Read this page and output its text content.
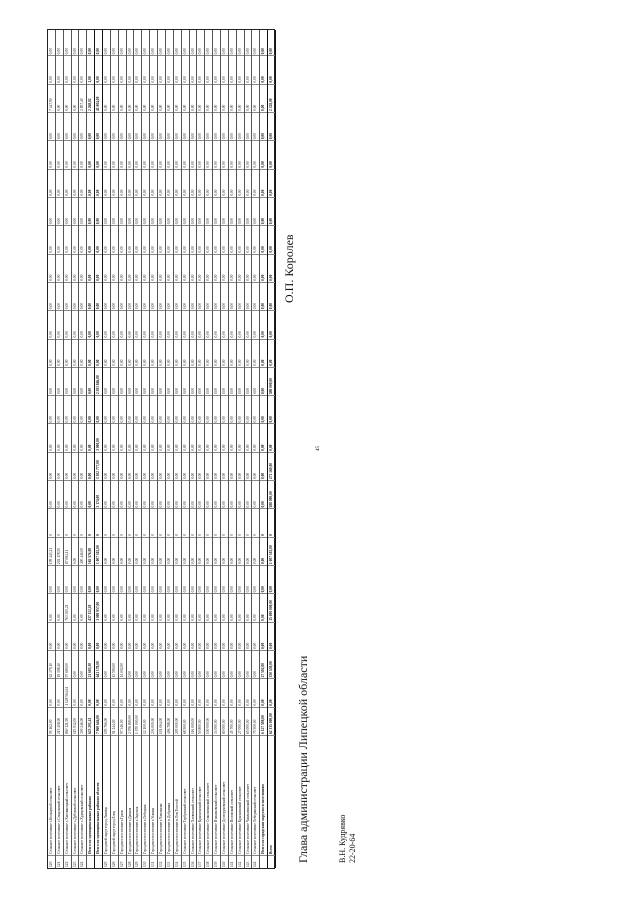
120
Сельское поселение с.Кольцевой сельсовет
95 162,00
0,00
62 379,10
0,00
0,00
0,00
199 443,21
0
0,00
0,00
0,00
0,00
0,00
0,00
0,00
0,00
0,00
0,00
0,00
0,00
0,00
0,00
7 447,90
0,00
0,00
121
Сельское поселение с.Сенцовский сельсовет
215 408,00
0,00
19 198,40
0,00
0,00
0,00
202 178,55
0
0,00
0,00
0,00
0,00
0,00
0,00
0,00
0,00
0,00
0,00
0,00
0,00
0,00
0,00
0,00
0,00
0,00
122
Сельское поселение с.Хмелинецкий сельсовет
860 121,95
1 128 564,61
97 680,00
0,00
763 365,21
0,00
87 084,11
0
0,00
0,00
0,00
0,00
0,00
0,00
0,00
0,00
0,00
0,00
0,00
0,00
0,00
0,00
0,00
0,00
0,00
123
Сельское поселение с.Дубовской сельсовет
115 932,00
0,00
0,00
0,00
0,00
0,00
0,00
0
0,00
0,00
0,00
0,00
0,00
0,00
0,00
0,00
0,00
0,00
0,00
0,00
0,00
0,00
0,00
0,00
0,00
124
Сельское поселение с.Хрущевский сельсовет
300 246,00
0,00
0,00
0,00
0,00
0,00
400 446,00
0
0,00
0,00
0,00
0,00
0,00
0,00
0,00
0,00
0,00
0,00
0,00
0,00
0,00
0,00
2 857,40
0,00
0,00
Итого по муниципальным районам
625 201,41
0,00
21 683,30
0,00
437 112,20
0,00
165 576,08
0
0,00
0,00
0,00
0,00
0,00
0,00
0,00
0,00
0,00
0,00
0,00
0,00
0,00
0,00
2 268,02
1,00
0,00
Итого по муниципальным районам области
7 969 646,00
0,00
641 178,00
0,00
1 000 957,00
0,00
1 007 102,00
0
3 174,00
3 102 777,00
3 000,00
0,00
2 291 846,00
0,00
0,00
0,00
0,00
0,00
0,00
0,00
0,00
0,00
41 004,00
0,00
0,00
125
Городской округ город Липецк
195 766,00
0,00
0,00
0,00
0,00
0,00
0,00
0
0,00
0,00
0,00
0,00
0,00
0,00
0,00
0,00
0,00
0,00
0,00
0,00
0,00
0,00
0,00
0,00
0,00
126
Городской округ город Елец
91 244,00
0,00
13 590,00
0,00
0,00
0,00
0,00
0
0,00
0,00
0,00
0,00
0,00
0,00
0,00
0,00
0,00
0,00
0,00
0,00
0,00
0,00
0,00
0,00
0,00
127
Городское поселение г.Грязи
97 346,00
0,00
14 002,00
0,00
0,00
0,00
0,00
0
0,00
0,00
0,00
0,00
0,00
0,00
0,00
0,00
0,00
0,00
0,00
0,00
0,00
0,00
0,00
0,00
0,00
128
Городское поселение г.Данков
2 976 800,00
0,00
0,00
0,00
0,00
0,00
0,00
0
0,00
0,00
0,00
0,00
0,00
0,00
0,00
0,00
0,00
0,00
0,00
0,00
0,00
0,00
0,00
0,00
0,00
129
Городское поселение г.Задонск
1 070 000,00
0,00
0,00
0,00
0,00
0,00
0,00
0
0,00
0,00
0,00
0,00
0,00
0,00
0,00
0,00
0,00
0,00
0,00
0,00
0,00
0,00
0,00
0,00
0,00
130
Городское поселение г.Лебедянь
12 100,00
0,00
0,00
0,00
0,00
0,00
0,00
0
0,00
0,00
0,00
0,00
0,00
0,00
0,00
0,00
0,00
0,00
0,00
0,00
0,00
0,00
0,00
0,00
0,00
131
Городское поселение г.Усмань
236 000,00
0,00
0,00
0,00
0,00
0,00
0,00
0
0,00
0,00
0,00
0,00
0,00
0,00
0,00
0,00
0,00
0,00
0,00
0,00
0,00
0,00
0,00
0,00
0,00
132
Городское поселение г.Чаплыгин
101 064,00
0,00
0,00
0,00
0,00
0,00
0,00
0
0,00
0,00
0,00
0,00
0,00
0,00
0,00
0,00
0,00
0,00
0,00
0,00
0,00
0,00
0,00
0,00
0,00
133
Городское поселение п.Добринка
406 788,00
0,00
0,00
0,00
0,00
0,00
0,00
0
0,00
0,00
0,00
0,00
0,00
0,00
0,00
0,00
0,00
0,00
0,00
0,00
0,00
0,00
0,00
0,00
0,00
134
Городское поселение п.Лев Толстой
205 000,00
0,00
0,00
0,00
0,00
0,00
0,00
0
0,00
0,00
0,00
0,00
0,00
0,00
0,00
0,00
0,00
0,00
0,00
0,00
0,00
0,00
0,00
0,00
0,00
135
Сельское поселение Тербунский сельсовет
68 500,00
0,00
0,00
0,00
0,00
0,00
0,00
0
0,00
0,00
0,00
0,00
0,00
0,00
0,00
0,00
0,00
0,00
0,00
0,00
0,00
0,00
0,00
0,00
0,00
136
Сельское поселение Хлевенский сельсовет
116 000,00
0,00
0,00
0,00
0,00
0,00
0,00
0
0,00
0,00
0,00
0,00
0,00
0,00
0,00
0,00
0,00
0,00
0,00
0,00
0,00
0,00
0,00
0,00
0,00
137
Сельское поселение Красненский сельсовет
50 800,00
0,00
0,00
0,00
0,00
0,00
0,00
0
0,00
0,00
0,00
0,00
0,00
0,00
0,00
0,00
0,00
0,00
0,00
0,00
0,00
0,00
0,00
0,00
0,00
138
Сельское поселение Становлянский сельсовет
100 000,00
0,00
0,00
0,00
0,00
0,00
0,00
0
0,00
0,00
0,00
0,00
0,00
0,00
0,00
0,00
0,00
0,00
0,00
0,00
0,00
0,00
0,00
0,00
0,00
139
Сельское поселение Измалковский сельсовет
33 000,00
0,00
0,00
0,00
0,00
0,00
0,00
0
0,00
0,00
0,00
0,00
0,00
0,00
0,00
0,00
0,00
0,00
0,00
0,00
0,00
0,00
0,00
0,00
0,00
140
Сельское поселение Долгоруковский сельсовет
80 000,00
0,00
0,00
0,00
0,00
0,00
0,00
0
0,00
0,00
0,00
0,00
0,00
0,00
0,00
0,00
0,00
0,00
0,00
0,00
0,00
0,00
0,00
0,00
0,00
141
Сельское поселение Воловский сельсовет
45 700,00
0,00
0,00
0,00
0,00
0,00
0,00
0
0,00
0,00
0,00
0,00
0,00
0,00
0,00
0,00
0,00
0,00
0,00
0,00
0,00
0,00
0,00
0,00
0,00
142
Сельское поселение Краснинский сельсовет
27 000,00
0,00
0,00
0,00
0,00
0,00
0,00
0
0,00
0,00
0,00
0,00
0,00
0,00
0,00
0,00
0,00
0,00
0,00
0,00
0,00
0,00
0,00
0,00
0,00
143
Сельское поселение Чаплыгинский сельсовет
65 000,00
0,00
0,00
0,00
0,00
0,00
0,00
0
0,00
0,00
0,00
0,00
0,00
0,00
0,00
0,00
0,00
0,00
0,00
0,00
0,00
0,00
0,00
0,00
0,00
144
Сельское поселение Лебедянский сельсовет
75 500,00
0,00
0,00
0,00
0,00
0,00
0,00
0
0,00
0,00
0,00
0,00
0,00
0,00
0,00
0,00
0,00
0,00
0,00
0,00
0,00
0,00
0,00
0,00
0,00
Итого по городским округам и поселениям
6 127 598,00
0,00
27 592,00
0,00
0,00
0,00
0,00
0
0,00
0,00
0,00
0,00
0,00
0,00
0,00
0,00
0,00
0,00
0,00
0,00
0,00
0,00
0,00
0,00
0,00
Всего
62 315 000,00
0,00
330 530,00
0,00
15 000 000,00
0,00
1 007 102,00
0
588 000,00
271 169,00
0,00
0,00
598 000,00
0,00
0,00
0,00
0,00
0,00
0,00
0,00
0,00
0,00
2 328,00
0,00
0,00
Глава администрации Липецкой области
О.П. Королев
45
В.Н. Кудрявко 22-20-64
